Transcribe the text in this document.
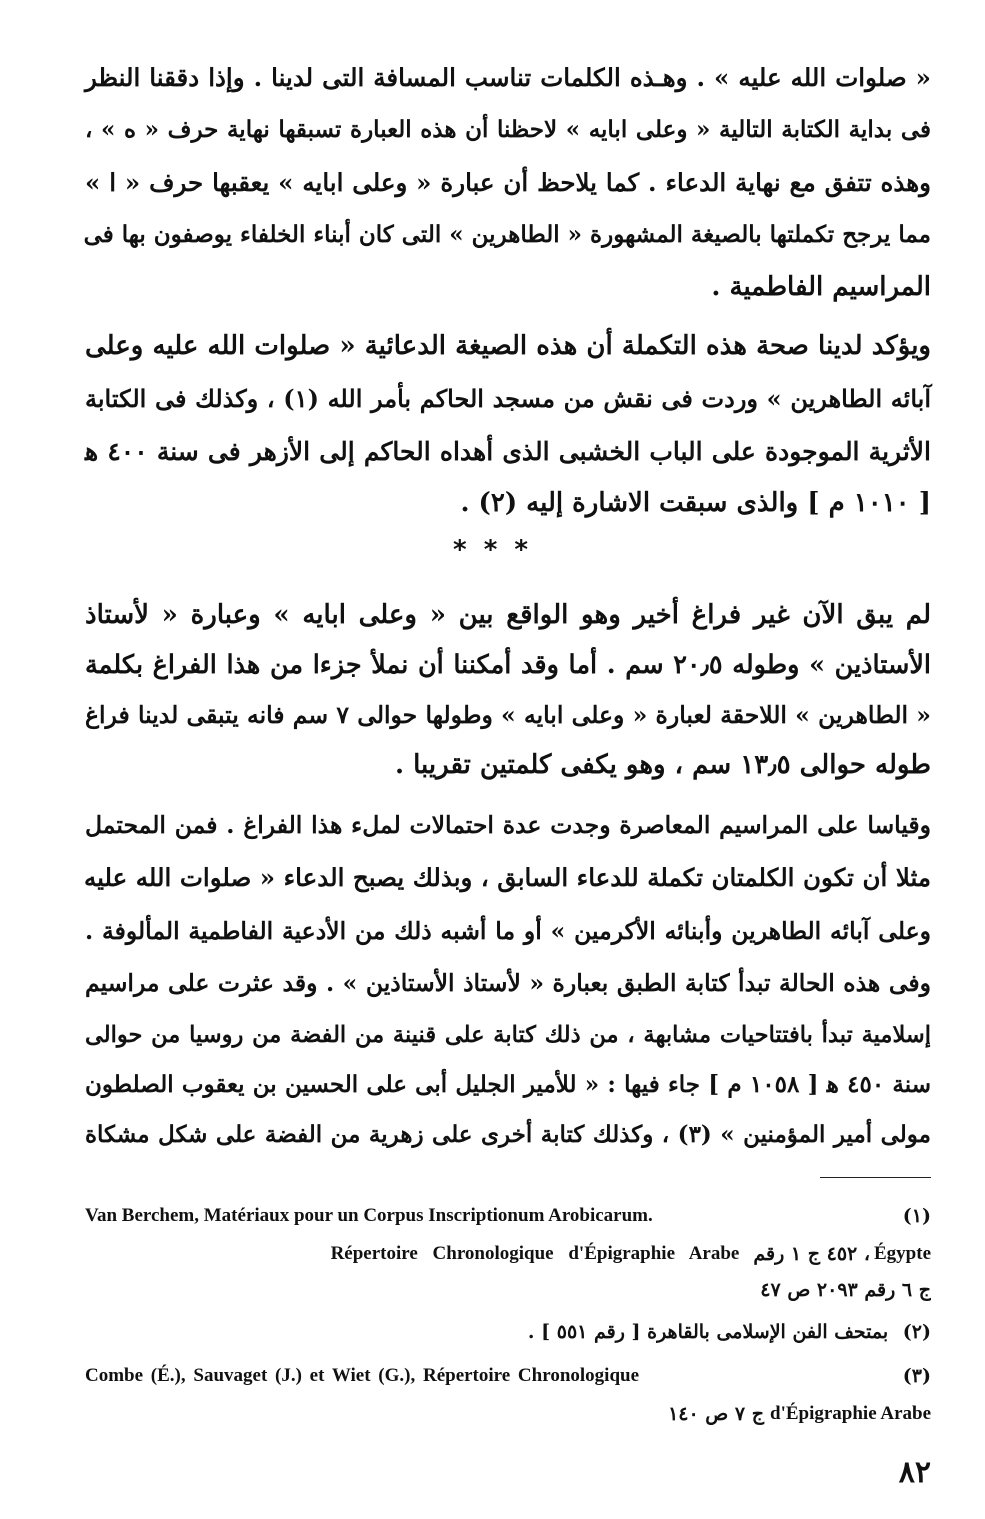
« صلوات الله عليه » . وهـذه الكلمات تناسب المسافة التى لدينا . وإذا دققنا النظر
فى بداية الكتابة التالية « وعلى ابايه » لاحظنا أن هذه العبارة تسبقها نهاية حرف « ه » ،
وهذه تتفق مع نهاية الدعاء . كما يلاحظ أن عبارة « وعلى ابايه » يعقبها حرف « ا »
مما يرجح تكملتها بالصيغة المشهورة « الطاهرين » التى كان أبناء الخلفاء يوصفون بها فى
المراسيم الفاطمية .
ويؤكد لدينا صحة هذه التكملة أن هذه الصيغة الدعائية « صلوات الله عليه وعلى
آبائه الطاهرين » وردت فى نقش من مسجد الحاكم بأمر الله (١) ، وكذلك فى الكتابة
الأثرية الموجودة على الباب الخشبى الذى أهداه الحاكم إلى الأزهر فى سنة ٤٠٠ ﻫ
[ ١٠١٠ م ] والذى سبقت الاشارة إليه (٢) .
* * *
لم يبق الآن غير فراغ أخير وهو الواقع بين « وعلى ابايه » وعبارة « لأستاذ
الأستاذين » وطوله ٢٠٫٥ سم . أما وقد أمكننا أن نملأ جزءا من هذا الفراغ بكلمة
« الطاهرين » اللاحقة لعبارة « وعلى ابايه » وطولها حوالى ٧ سم فانه يتبقى لدينا فراغ
طوله حوالى ١٣٫٥ سم ، وهو يكفى كلمتين تقريبا .
وقياسا على المراسيم المعاصرة وجدت عدة احتمالات لملء هذا الفراغ . فمن المحتمل
مثلا أن تكون الكلمتان تكملة للدعاء السابق ، وبذلك يصبح الدعاء « صلوات الله عليه
وعلى آبائه الطاهرين وأبنائه الأكرمين » أو ما أشبه ذلك من الأدعية الفاطمية المألوفة .
وفى هذه الحالة تبدأ كتابة الطبق بعبارة « لأستاذ الأستاذين » . وقد عثرت على مراسيم
إسلامية تبدأ بافتتاحيات مشابهة ، من ذلك كتابة على قنينة من الفضة من روسيا من حوالى
سنة ٤٥٠ ﻫ [ ١٠٥٨ م ] جاء فيها : « للأمير الجليل أبى على الحسين بن يعقوب الصلطون
مولى أمير المؤمنين » (٣) ، وكذلك كتابة أخرى على زهرية من الفضة على شكل مشكاة
(١)
Van Berchem, Matériaux pour un Corpus Inscriptionum Arobicarum.
Égypte
، ٤٥٢ ج ١ رقم
Répertoire Chronologique d'Épigraphie Arabe
ج ٦ رقم ٢٠٩٣ ص ٤٧
(٢) بمتحف الفن الإسلامى بالقاهرة [ رقم ٥٥١ ] .
(٣)
Combe (É.), Sauvaget (J.) et Wiet (G.), Répertoire Chronologique
d'Épigraphie Arabe
ج ٧ ص ١٤٠
٨٢
